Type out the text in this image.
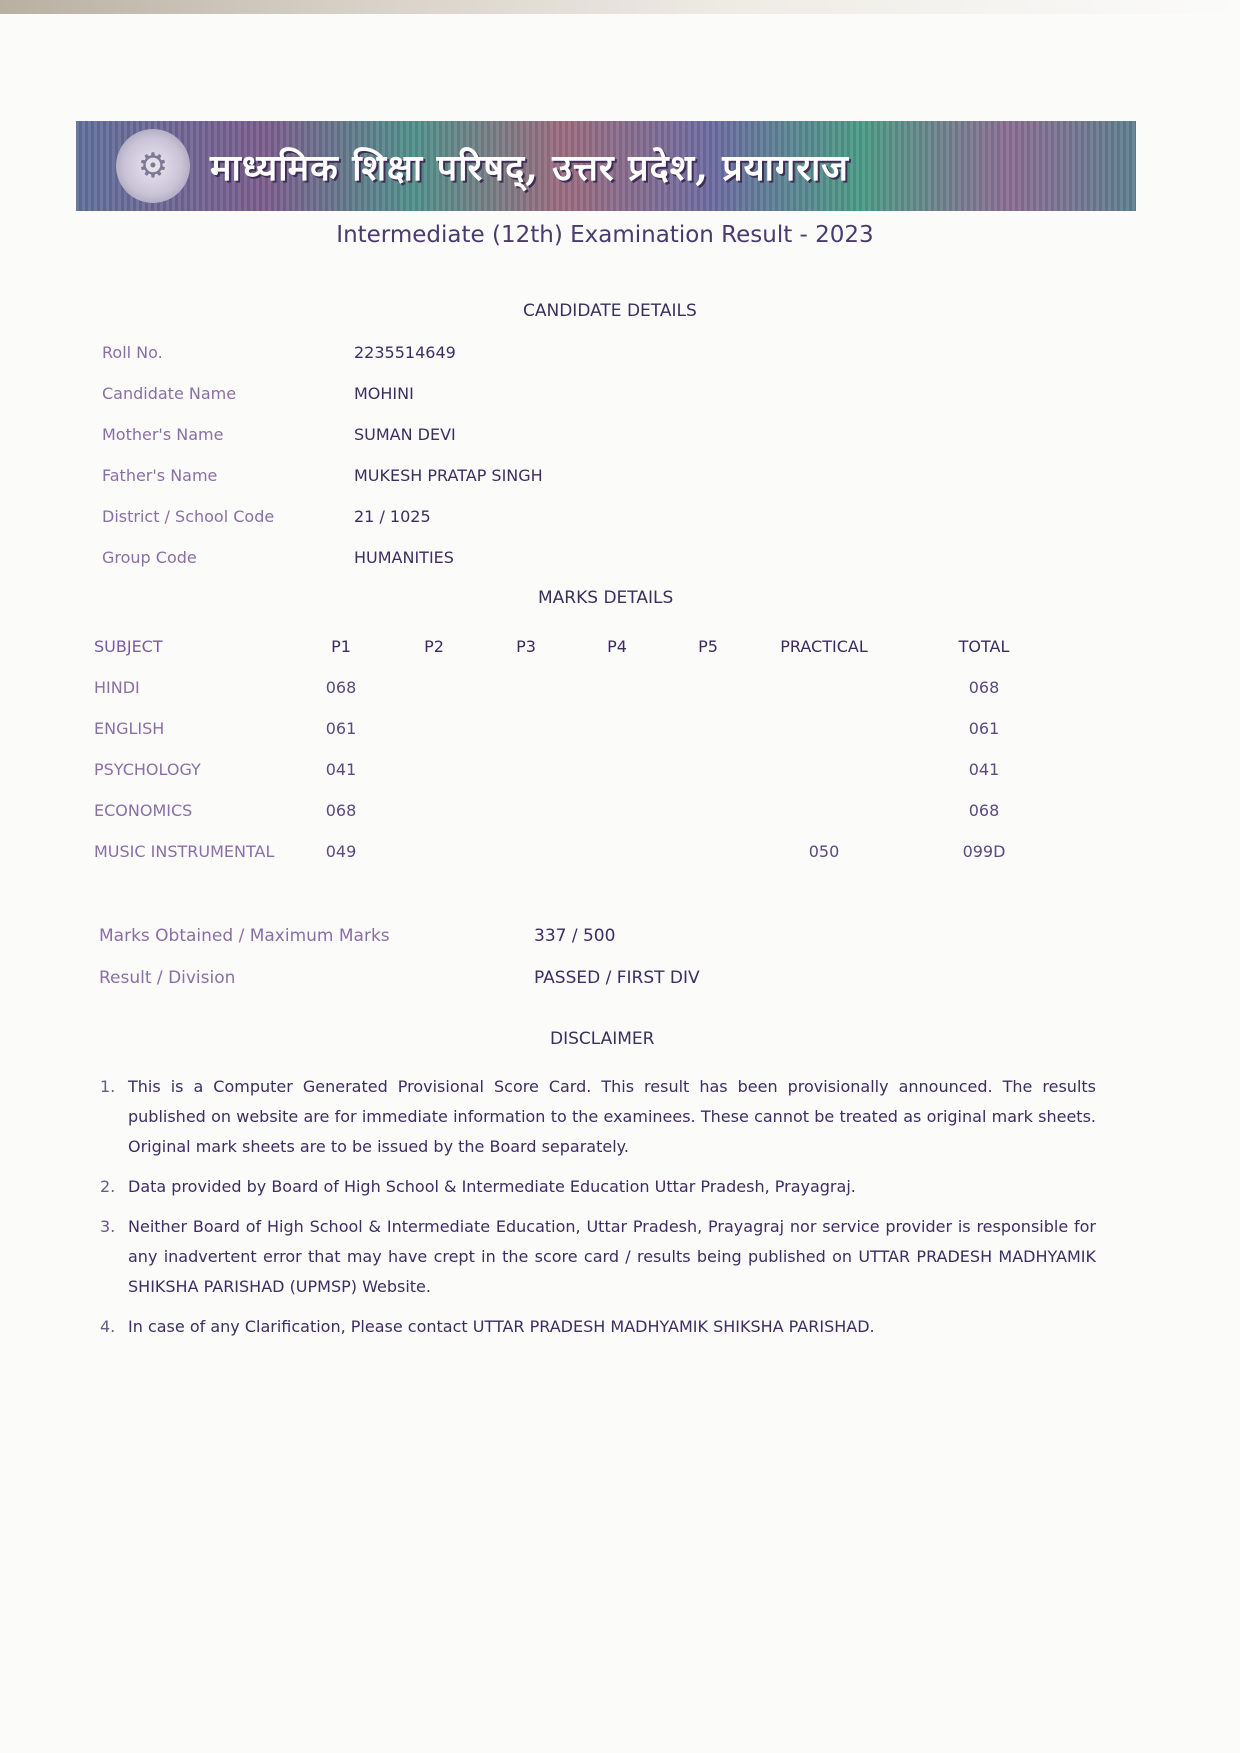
⚙	माध्यमिक शिक्षा परिषद्, उत्तर प्रदेश, प्रयागराज
Intermediate (12th) Examination Result - 2023
CANDIDATE DETAILS
Roll No.	2235514649
Candidate Name	MOHINI
Mother's Name	SUMAN DEVI
Father's Name	MUKESH PRATAP SINGH
District / School Code	21 / 1025
Group Code	HUMANITIES
MARKS DETAILS
SUBJECT	P1	P2	P3	P4	P5	PRACTICAL	TOTAL
HINDI	068						068
ENGLISH	061						061
PSYCHOLOGY	041						041
ECONOMICS	068						068
MUSIC INSTRUMENTAL	049					050	099D
Marks Obtained / Maximum Marks	337 / 500
Result / Division	PASSED / FIRST DIV
DISCLAIMER
1. This is a Computer Generated Provisional Score Card. This result has been provisionally announced. The results published on website are for immediate information to the examinees. These cannot be treated as original mark sheets. Original mark sheets are to be issued by the Board separately.
2. Data provided by Board of High School & Intermediate Education Uttar Pradesh, Prayagraj.
3. Neither Board of High School & Intermediate Education, Uttar Pradesh, Prayagraj nor service provider is responsible for any inadvertent error that may have crept in the score card / results being published on UTTAR PRADESH MADHYAMIK SHIKSHA PARISHAD (UPMSP) Website.
4. In case of any Clarification, Please contact UTTAR PRADESH MADHYAMIK SHIKSHA PARISHAD.
